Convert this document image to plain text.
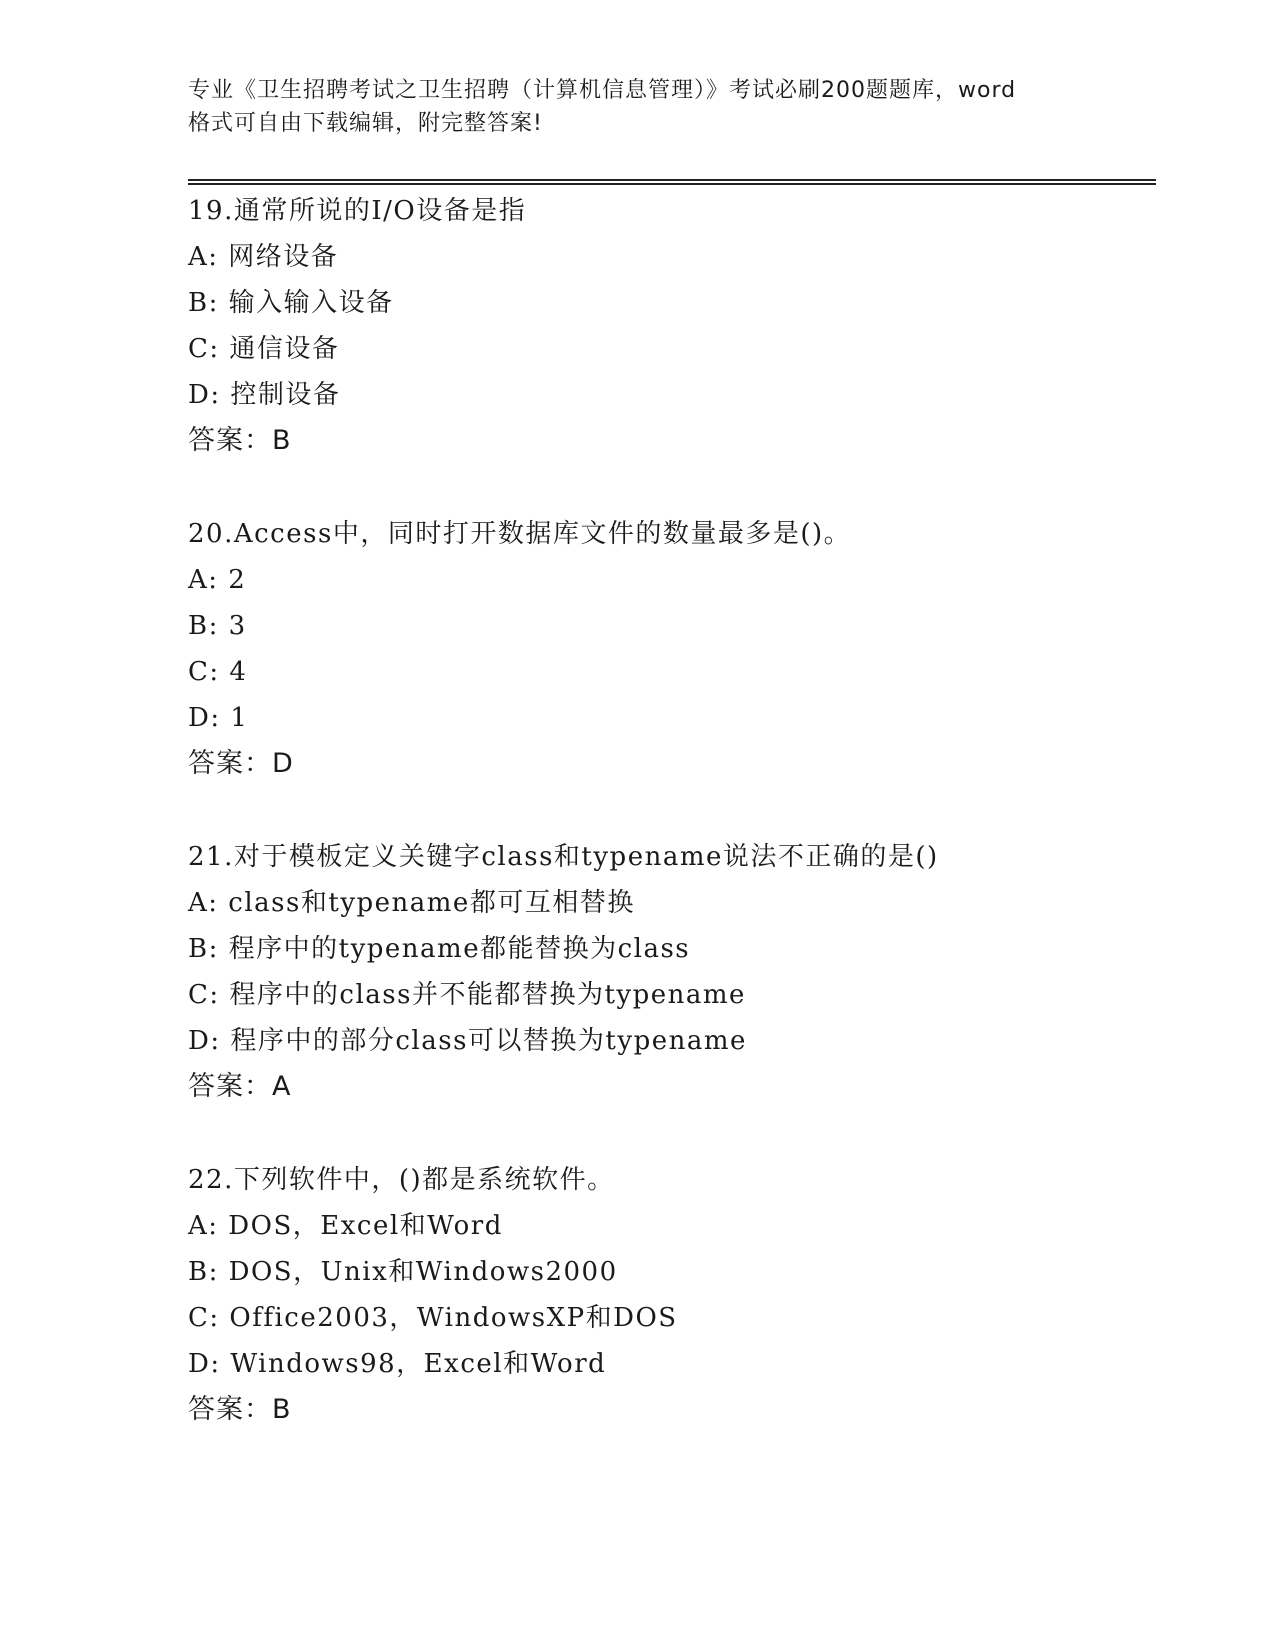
专业《卫生招聘考试之卫生招聘（计算机信息管理）》考试必刷200题题库，word
格式可自由下载编辑，附完整答案!
19.通常所说的I/O设备是指
A: 网络设备
B: 输入输入设备
C: 通信设备
D: 控制设备
答案：B
20.Access中，同时打开数据库文件的数量最多是()。
A: 2
B: 3
C: 4
D: 1
答案：D
21.对于模板定义关键字class和typename说法不正确的是()
A: class和typename都可互相替换
B: 程序中的typename都能替换为class
C: 程序中的class并不能都替换为typename
D: 程序中的部分class可以替换为typename
答案：A
22.下列软件中，()都是系统软件。
A: DOS，Excel和Word
B: DOS，Unix和Windows2000
C: Office2003，WindowsXP和DOS
D: Windows98，Excel和Word
答案：B
